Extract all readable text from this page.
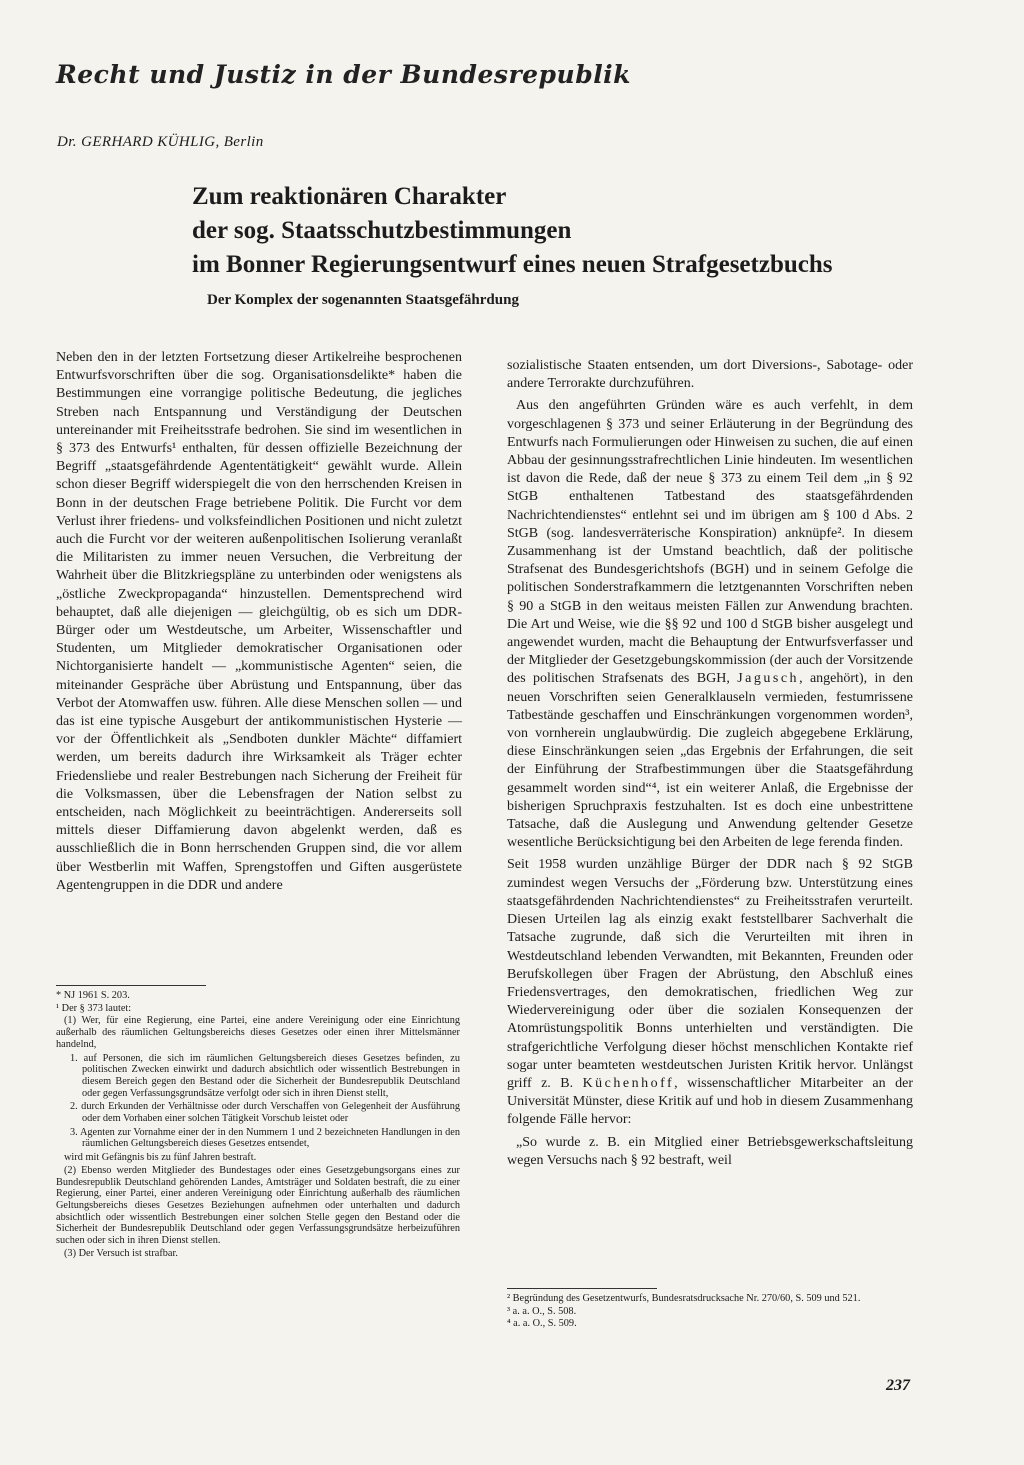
Recht und Justiz in der Bundesrepublik
Dr. GERHARD KÜHLIG, Berlin
Zum reaktionären Charakter
der sog. Staatsschutzbestimmungen
im Bonner Regierungsentwurf eines neuen Strafgesetzbuchs
Der Komplex der sogenannten Staatsgefährdung

Neben den in der letzten Fortsetzung dieser Artikelreihe besprochenen Entwurfsvorschriften über die sog. Organisationsdelikte* haben die Bestimmungen eine vorrangige politische Bedeutung, die jegliches Streben nach Entspannung und Verständigung der Deutschen untereinander mit Freiheitsstrafe bedrohen. Sie sind im wesentlichen in § 373 des Entwurfs¹ enthalten, für dessen offizielle Bezeichnung der Begriff „staatsgefährdende Agententätigkeit“ gewählt wurde. Allein schon dieser Begriff widerspiegelt die von den herrschenden Kreisen in Bonn in der deutschen Frage betriebene Politik. Die Furcht vor dem Verlust ihrer friedens- und volksfeindlichen Positionen und nicht zuletzt auch die Furcht vor der weiteren außenpolitischen Isolierung veranlaßt die Militaristen zu immer neuen Versuchen, die Verbreitung der Wahrheit über die Blitzkriegspläne zu unterbinden oder wenigstens als „östliche Zweckpropaganda“ hinzustellen. Dementsprechend wird behauptet, daß alle diejenigen — gleichgültig, ob es sich um DDR-Bürger oder um Westdeutsche, um Arbeiter, Wissenschaftler und Studenten, um Mitglieder demokratischer Organisationen oder Nichtorganisierte handelt — „kommunistische Agenten“ seien, die miteinander Gespräche über Abrüstung und Entspannung, über das Verbot der Atomwaffen usw. führen. Alle diese Menschen sollen — und das ist eine typische Ausgeburt der antikommunistischen Hysterie — vor der Öffentlichkeit als „Sendboten dunkler Mächte“ diffamiert werden, um bereits dadurch ihre Wirksamkeit als Träger echter Friedensliebe und realer Bestrebungen nach Sicherung der Freiheit für die Volksmassen, über die Lebensfragen der Nation selbst zu entscheiden, nach Möglichkeit zu beeinträchtigen. Andererseits soll mittels dieser Diffamierung davon abgelenkt werden, daß es ausschließlich die in Bonn herrschenden Gruppen sind, die vor allem über Westberlin mit Waffen, Sprengstoffen und Giften ausgerüstete Agentengruppen in die DDR und andere

sozialistische Staaten entsenden, um dort Diversions-, Sabotage- oder andere Terrorakte durchzuführen.

Aus den angeführten Gründen wäre es auch verfehlt, in dem vorgeschlagenen § 373 und seiner Erläuterung in der Begründung des Entwurfs nach Formulierungen oder Hinweisen zu suchen, die auf einen Abbau der gesinnungsstrafrechtlichen Linie hindeuten. Im wesentlichen ist davon die Rede, daß der neue § 373 zu einem Teil dem „in § 92 StGB enthaltenen Tatbestand des staatsgefährdenden Nachrichtendienstes“ entlehnt sei und im übrigen am § 100 d Abs. 2 StGB (sog. landesverräterische Konspiration) anknüpfe². In diesem Zusammenhang ist der Umstand beachtlich, daß der politische Strafsenat des Bundesgerichtshofs (BGH) und in seinem Gefolge die politischen Sonderstrafkammern die letztgenannten Vorschriften neben § 90 a StGB in den weitaus meisten Fällen zur Anwendung brachten. Die Art und Weise, wie die §§ 92 und 100 d StGB bisher ausgelegt und angewendet wurden, macht die Behauptung der Entwurfsverfasser und der Mitglieder der Gesetzgebungskommission (der auch der Vorsitzende des politischen Strafsenats des BGH, Jagusch, angehört), in den neuen Vorschriften seien Generalklauseln vermieden, festumrissene Tatbestände geschaffen und Einschränkungen vorgenommen worden³, von vornherein unglaubwürdig. Die zugleich abgegebene Erklärung, diese Einschränkungen seien „das Ergebnis der Erfahrungen, die seit der Einführung der Strafbestimmungen über die Staatsgefährdung gesammelt worden sind“⁴, ist ein weiterer Anlaß, die Ergebnisse der bisherigen Spruchpraxis festzuhalten. Ist es doch eine unbestrittene Tatsache, daß die Auslegung und Anwendung geltender Gesetze wesentliche Berücksichtigung bei den Arbeiten de lege ferenda finden.

Seit 1958 wurden unzählige Bürger der DDR nach § 92 StGB zumindest wegen Versuchs der „Förderung bzw. Unterstützung eines staatsgefährdenden Nachrichtendienstes“ zu Freiheitsstrafen verurteilt. Diesen Urteilen lag als einzig exakt feststellbarer Sachverhalt die Tatsache zugrunde, daß sich die Verurteilten mit ihren in Westdeutschland lebenden Verwandten, mit Bekannten, Freunden oder Berufskollegen über Fragen der Abrüstung, den Abschluß eines Friedensvertrages, den demokratischen, friedlichen Weg zur Wiedervereinigung oder über die sozialen Konsequenzen der Atomrüstungspolitik Bonns unterhielten und verständigten. Die strafgerichtliche Verfolgung dieser höchst menschlichen Kontakte rief sogar unter beamteten westdeutschen Juristen Kritik hervor. Unlängst griff z. B. Küchenhoff, wissenschaftlicher Mitarbeiter an der Universität Münster, diese Kritik auf und hob in diesem Zusammenhang folgende Fälle hervor:

„So wurde z. B. ein Mitglied einer Betriebsgewerkschaftsleitung wegen Versuchs nach § 92 bestraft, weil

* NJ 1961 S. 203.

¹ Der § 373 lautet:

(1) Wer, für eine Regierung, eine Partei, eine andere Vereinigung oder eine Einrichtung außerhalb des räumlichen Geltungsbereichs dieses Gesetzes oder einen ihrer Mittelsmänner handelnd,

1. auf Personen, die sich im räumlichen Geltungsbereich dieses Gesetzes befinden, zu politischen Zwecken einwirkt und dadurch absichtlich oder wissentlich Bestrebungen in diesem Bereich gegen den Bestand oder die Sicherheit der Bundesrepublik Deutschland oder gegen Verfassungsgrundsätze verfolgt oder sich in ihren Dienst stellt,

2. durch Erkunden der Verhältnisse oder durch Verschaffen von Gelegenheit der Ausführung oder dem Vorhaben einer solchen Tätigkeit Vorschub leistet oder

3. Agenten zur Vornahme einer der in den Nummern 1 und 2 bezeichneten Handlungen in den räumlichen Geltungsbereich dieses Gesetzes entsendet,

wird mit Gefängnis bis zu fünf Jahren bestraft.

(2) Ebenso werden Mitglieder des Bundestages oder eines Gesetzgebungsorgans eines zur Bundesrepublik Deutschland gehörenden Landes, Amtsträger und Soldaten bestraft, die zu einer Regierung, einer Partei, einer anderen Vereinigung oder Einrichtung außerhalb des räumlichen Geltungsbereichs dieses Gesetzes Beziehungen aufnehmen oder unterhalten und dadurch absichtlich oder wissentlich Bestrebungen einer solchen Stelle gegen den Bestand oder die Sicherheit der Bundesrepublik Deutschland oder gegen Verfassungsgrundsätze herbeizuführen suchen oder sich in ihren Dienst stellen.

(3) Der Versuch ist strafbar.

² Begründung des Gesetzentwurfs, Bundesratsdrucksache Nr. 270/60, S. 509 und 521.

³ a. a. O., S. 508.

⁴ a. a. O., S. 509.

237
